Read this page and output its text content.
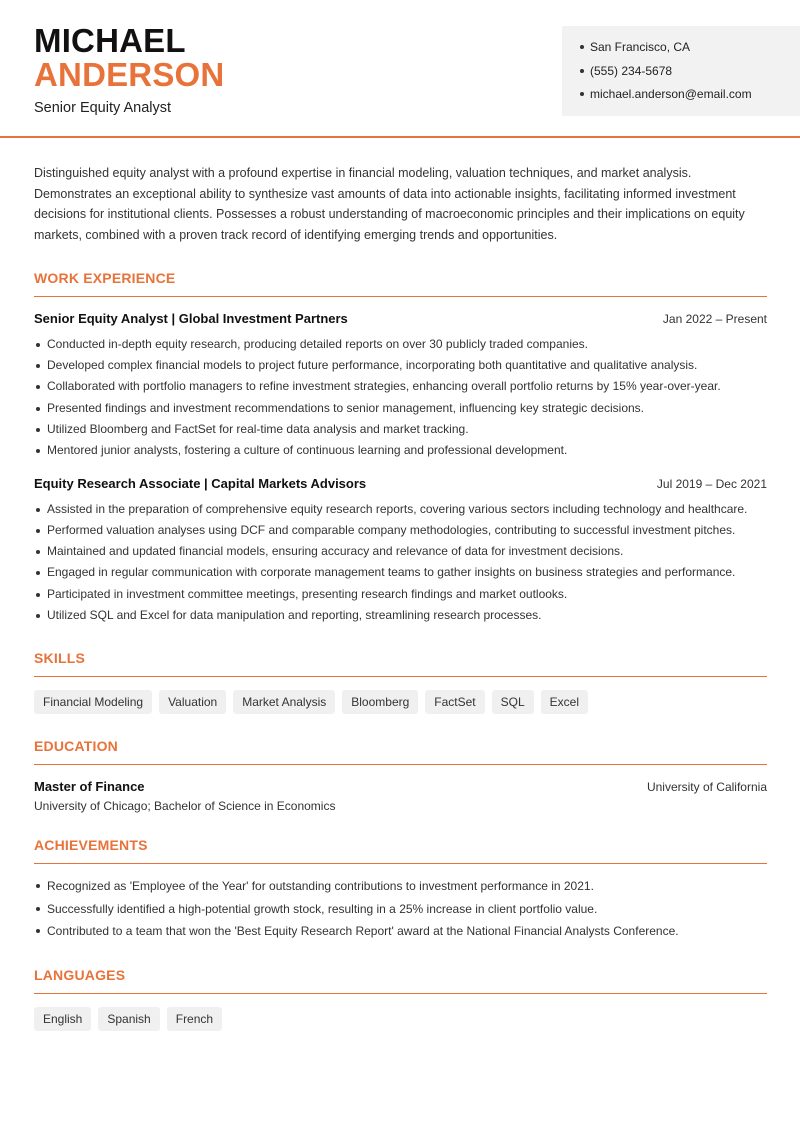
MICHAEL
ANDERSON
Senior Equity Analyst
San Francisco, CA
(555) 234-5678
michael.anderson@email.com

Distinguished equity analyst with a profound expertise in financial modeling, valuation techniques, and market analysis. Demonstrates an exceptional ability to synthesize vast amounts of data into actionable insights, facilitating informed investment decisions for institutional clients. Possesses a robust understanding of macroeconomic principles and their implications on equity markets, combined with a proven track record of identifying emerging trends and opportunities.

WORK EXPERIENCE
Senior Equity Analyst | Global Investment Partners	Jan 2022 – Present
Conducted in-depth equity research, producing detailed reports on over 30 publicly traded companies.
Developed complex financial models to project future performance, incorporating both quantitative and qualitative analysis.
Collaborated with portfolio managers to refine investment strategies, enhancing overall portfolio returns by 15% year-over-year.
Presented findings and investment recommendations to senior management, influencing key strategic decisions.
Utilized Bloomberg and FactSet for real-time data analysis and market tracking.
Mentored junior analysts, fostering a culture of continuous learning and professional development.
Equity Research Associate | Capital Markets Advisors	Jul 2019 – Dec 2021
Assisted in the preparation of comprehensive equity research reports, covering various sectors including technology and healthcare.
Performed valuation analyses using DCF and comparable company methodologies, contributing to successful investment pitches.
Maintained and updated financial models, ensuring accuracy and relevance of data for investment decisions.
Engaged in regular communication with corporate management teams to gather insights on business strategies and performance.
Participated in investment committee meetings, presenting research findings and market outlooks.
Utilized SQL and Excel for data manipulation and reporting, streamlining research processes.
SKILLS
Financial Modeling	Valuation	Market Analysis	Bloomberg	FactSet	SQL	Excel
EDUCATION
Master of Finance	University of California
University of Chicago; Bachelor of Science in Economics
ACHIEVEMENTS
Recognized as 'Employee of the Year' for outstanding contributions to investment performance in 2021.
Successfully identified a high-potential growth stock, resulting in a 25% increase in client portfolio value.
Contributed to a team that won the 'Best Equity Research Report' award at the National Financial Analysts Conference.
LANGUAGES
English	Spanish	French
